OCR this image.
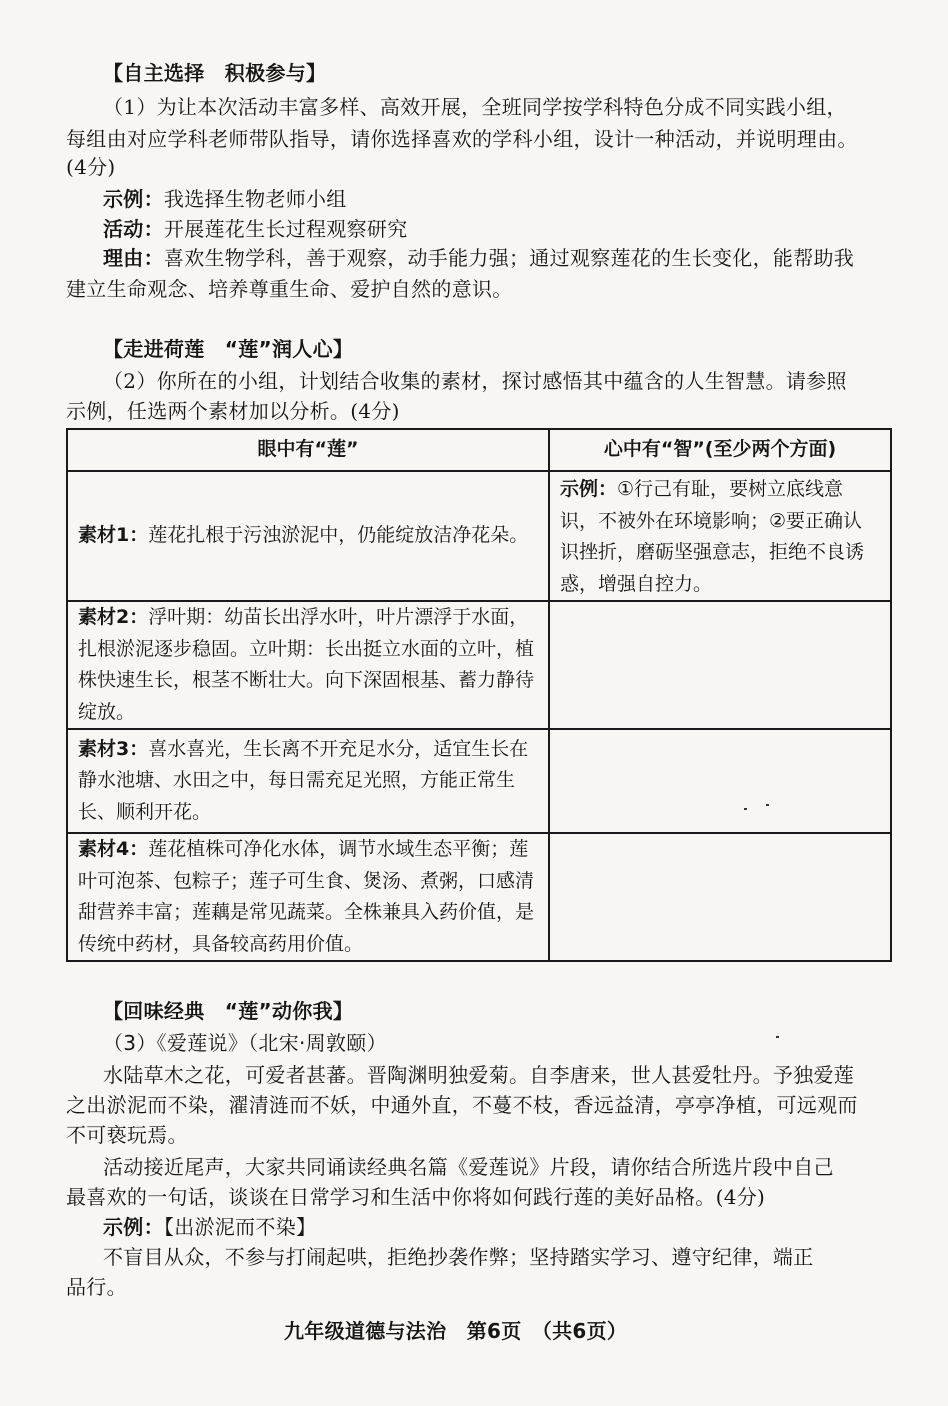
【自主选择　积极参与】
（1）为让本次活动丰富多样、高效开展，全班同学按学科特色分成不同实践小组，
每组由对应学科老师带队指导，请你选择喜欢的学科小组，设计一种活动，并说明理由。
(4分)
示例：我选择生物老师小组
活动：开展莲花生长过程观察研究
理由：喜欢生物学科，善于观察，动手能力强；通过观察莲花的生长变化，能帮助我
建立生命观念、培养尊重生命、爱护自然的意识。
【走进荷莲　“莲”润人心】
（2）你所在的小组，计划结合收集的素材，探讨感悟其中蕴含的人生智慧。请参照
示例，任选两个素材加以分析。(4分)
眼中有“莲”	心中有“智”(至少两个方面)
素材1：莲花扎根于污浊淤泥中，仍能绽放洁净花朵。	示例：①行己有耻，要树立底线意识，不被外在环境影响；②要正确认识挫折，磨砺坚强意志，拒绝不良诱惑，增强自控力。
素材2：浮叶期：幼苗长出浮水叶，叶片漂浮于水面，扎根淤泥逐步稳固。立叶期：长出挺立水面的立叶，植株快速生长，根茎不断壮大。向下深固根基、蓄力静待绽放。	
素材3：喜水喜光，生长离不开充足水分，适宜生长在静水池塘、水田之中，每日需充足光照，方能正常生长、顺利开花。	
素材4：莲花植株可净化水体，调节水域生态平衡；莲叶可泡茶、包粽子；莲子可生食、煲汤、煮粥，口感清甜营养丰富；莲藕是常见蔬菜。全株兼具入药价值，是传统中药材，具备较高药用价值。	
【回味经典　“莲”动你我】
（3）《爱莲说》（北宋·周敦颐）
水陆草木之花，可爱者甚蕃。晋陶渊明独爱菊。自李唐来，世人甚爱牡丹。予独爱莲
之出淤泥而不染，濯清涟而不妖，中通外直，不蔓不枝，香远益清，亭亭净植，可远观而
不可亵玩焉。
活动接近尾声，大家共同诵读经典名篇《爱莲说》片段，请你结合所选片段中自己
最喜欢的一句话，谈谈在日常学习和生活中你将如何践行莲的美好品格。(4分)
示例：【出淤泥而不染】
不盲目从众，不参与打闹起哄，拒绝抄袭作弊；坚持踏实学习、遵守纪律，端正
品行。
九年级道德与法治　第6页　（共6页）
